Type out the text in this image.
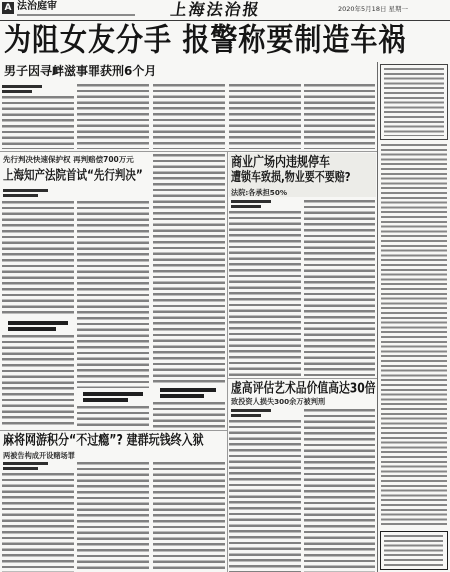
A 法治庭审	上海法治报	2020年5月18日 星期一
为阻女友分手 报警称要制造车祸
男子因寻衅滋事罪获刑6个月
先行判决快速保护权 再判赔偿700万元
上海知产法院首试“先行判决”
麻将网游积分“不过瘾”? 建群玩钱终入狱
两被告构成开设赌场罪
商业广场内违规停车
遭锁车致损,物业要不要赔?
法院:各承担50%
虚高评估艺术品价值高达30倍
致投资人损失300余万被判刑
